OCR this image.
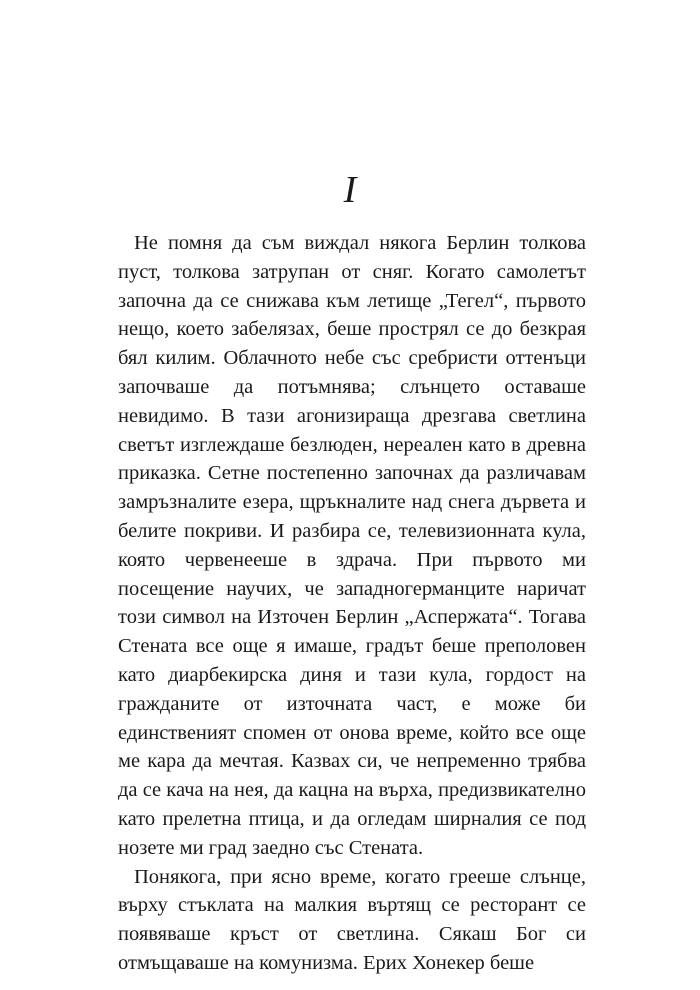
I

Не помня да съм виждал някога Берлин толкова пуст, толкова затрупан от сняг. Когато самолетът започна да се снижава към летище „Тегел“, първото нещо, което забелязах, беше прострял се до безкрая бял килим. Облачното небе със сребристи оттенъци започваше да потъмнява; слънцето оставаше невидимо. В тази агонизираща дрезгава светлина светът изглеждаше безлюден, нереален като в древна приказка. Сетне постепенно започнах да различавам замръзналите езера, щръкналите над снега дървета и белите покриви. И разбира се, телевизионната кула, която червенееше в здрача. При първото ми посещение научих, че западногерманците наричат този символ на Източен Берлин „Аспержата“. Тогава Стената все още я имаше, градът беше преполовен като диарбекирска диня и тази кула, гордост на гражданите от източната част, е може би единственият спомен от онова време, който все още ме кара да мечтая. Казвах си, че непременно трябва да се кача на нея, да кацна на върха, предизвикателно като прелетна птица, и да огледам ширналия се под нозете ми град заедно със Стената.

Понякога, при ясно време, когато грееше слънце, върху стъклата на малкия въртящ се ресторант се появяваше кръст от светлина. Сякаш Бог си отмъщаваше на комунизма. Ерих Хонекер беше
